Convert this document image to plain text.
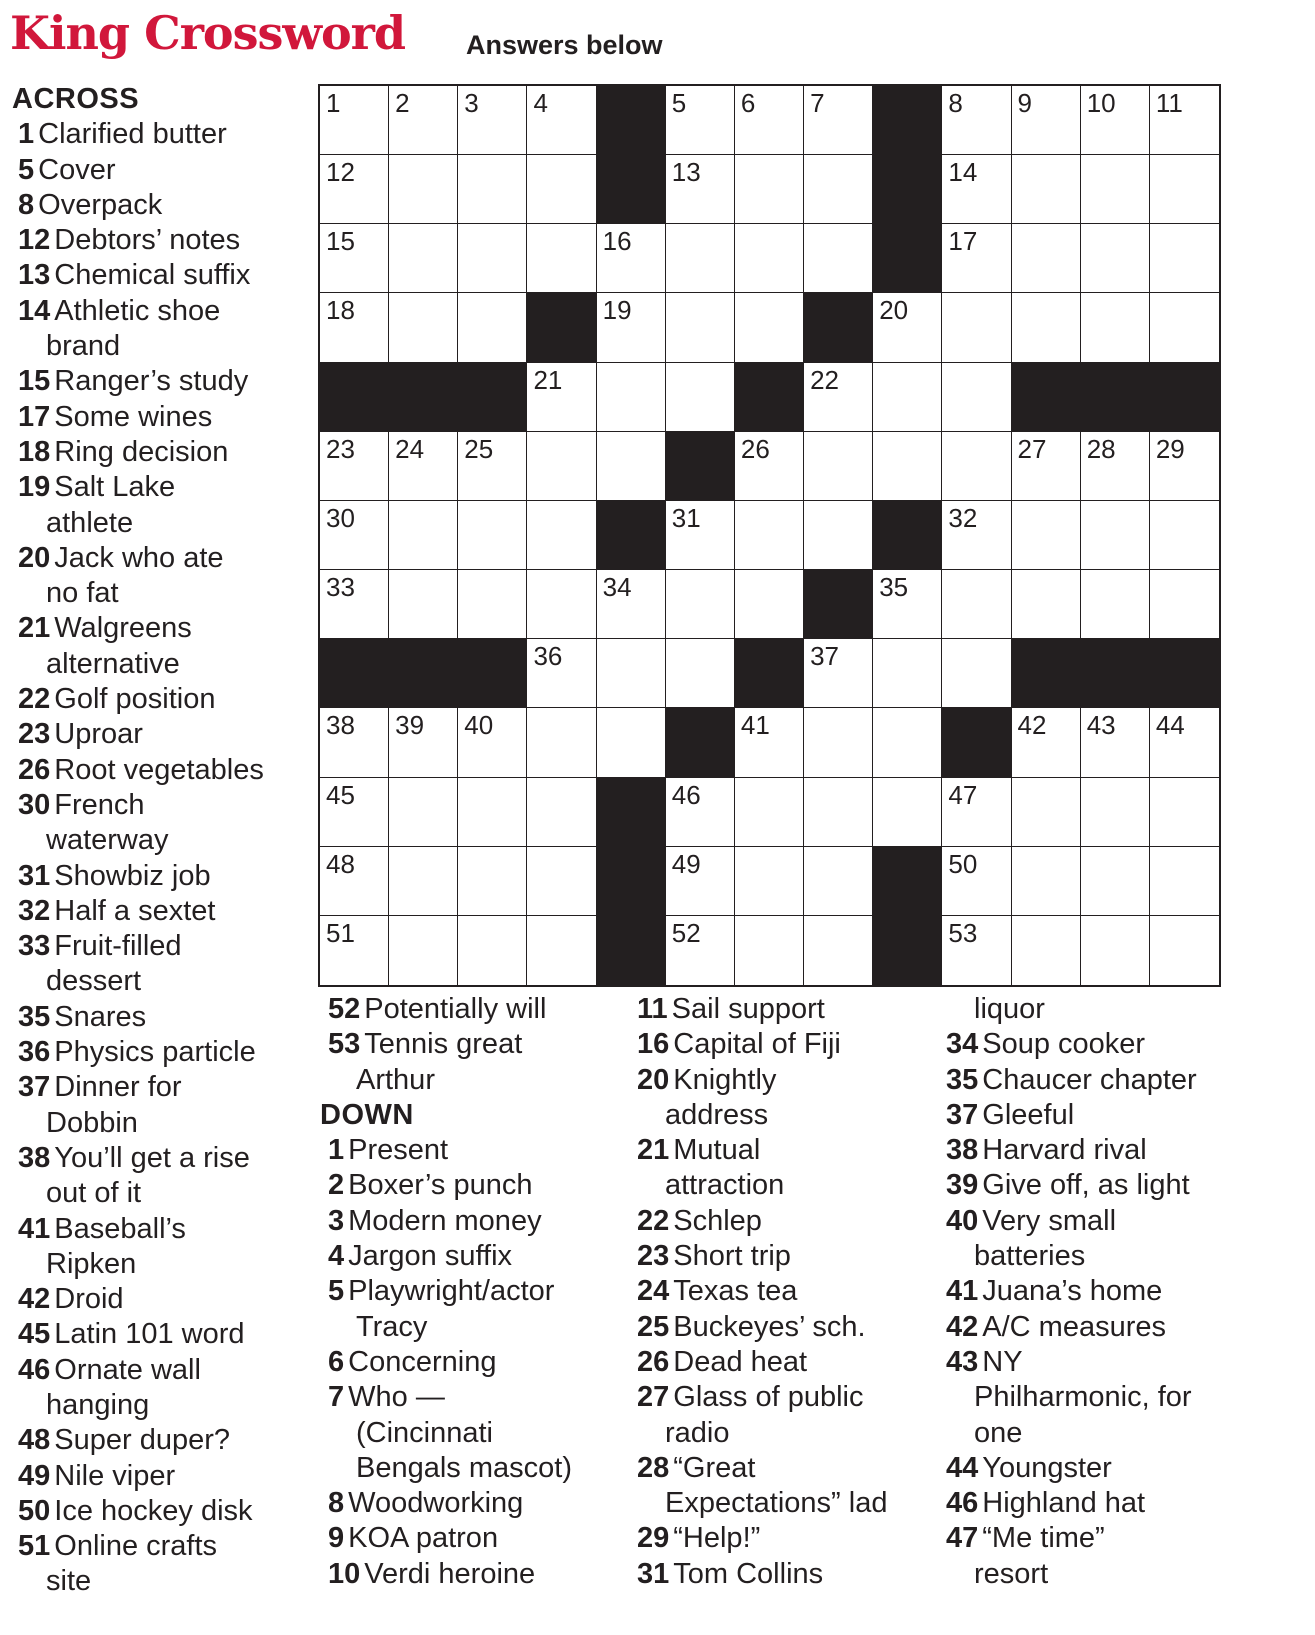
King Crossword Answers below
1 2 3 4	5 6 7	8 9 10 11
12	13	14
15	16	17
18	19	20
21	22
23 24 25	26	27 28 29
30	31	32
33	34	35
36	37
38 39 40	41	42 43 44
45	46	47
48	49	50
51	52	53
ACROSS
1 Clarified butter
5 Cover
8 Overpack
12 Debtors’ notes
13 Chemical suffix
14 Athletic shoe
brand
15 Ranger’s study
17 Some wines
18 Ring decision
19 Salt Lake
athlete
20 Jack who ate
no fat
21 Walgreens
alternative
22 Golf position
23 Uproar
26 Root vegetables
30 French
waterway
31 Showbiz job
32 Half a sextet
33 Fruit-filled
dessert
35 Snares
36 Physics particle
37 Dinner for
Dobbin
38 You’ll get a rise
out of it
41 Baseball’s
Ripken
42 Droid
45 Latin 101 word
46 Ornate wall
hanging
48 Super duper?
49 Nile viper
50 Ice hockey disk
51 Online crafts
site
52 Potentially will
53 Tennis great
Arthur
DOWN
1 Present
2 Boxer’s punch
3 Modern money
4 Jargon suffix
5 Playwright/actor
Tracy
6 Concerning
7 Who —
(Cincinnati
Bengals mascot)
8 Woodworking
9 KOA patron
10 Verdi heroine
11 Sail support
16 Capital of Fiji
20 Knightly
address
21 Mutual
attraction
22 Schlep
23 Short trip
24 Texas tea
25 Buckeyes’ sch.
26 Dead heat
27 Glass of public
radio
28 “Great
Expectations” lad
29 “Help!”
31 Tom Collins
liquor
34 Soup cooker
35 Chaucer chapter
37 Gleeful
38 Harvard rival
39 Give off, as light
40 Very small
batteries
41 Juana’s home
42 A/C measures
43 NY
Philharmonic, for
one
44 Youngster
46 Highland hat
47 “Me time”
resort
